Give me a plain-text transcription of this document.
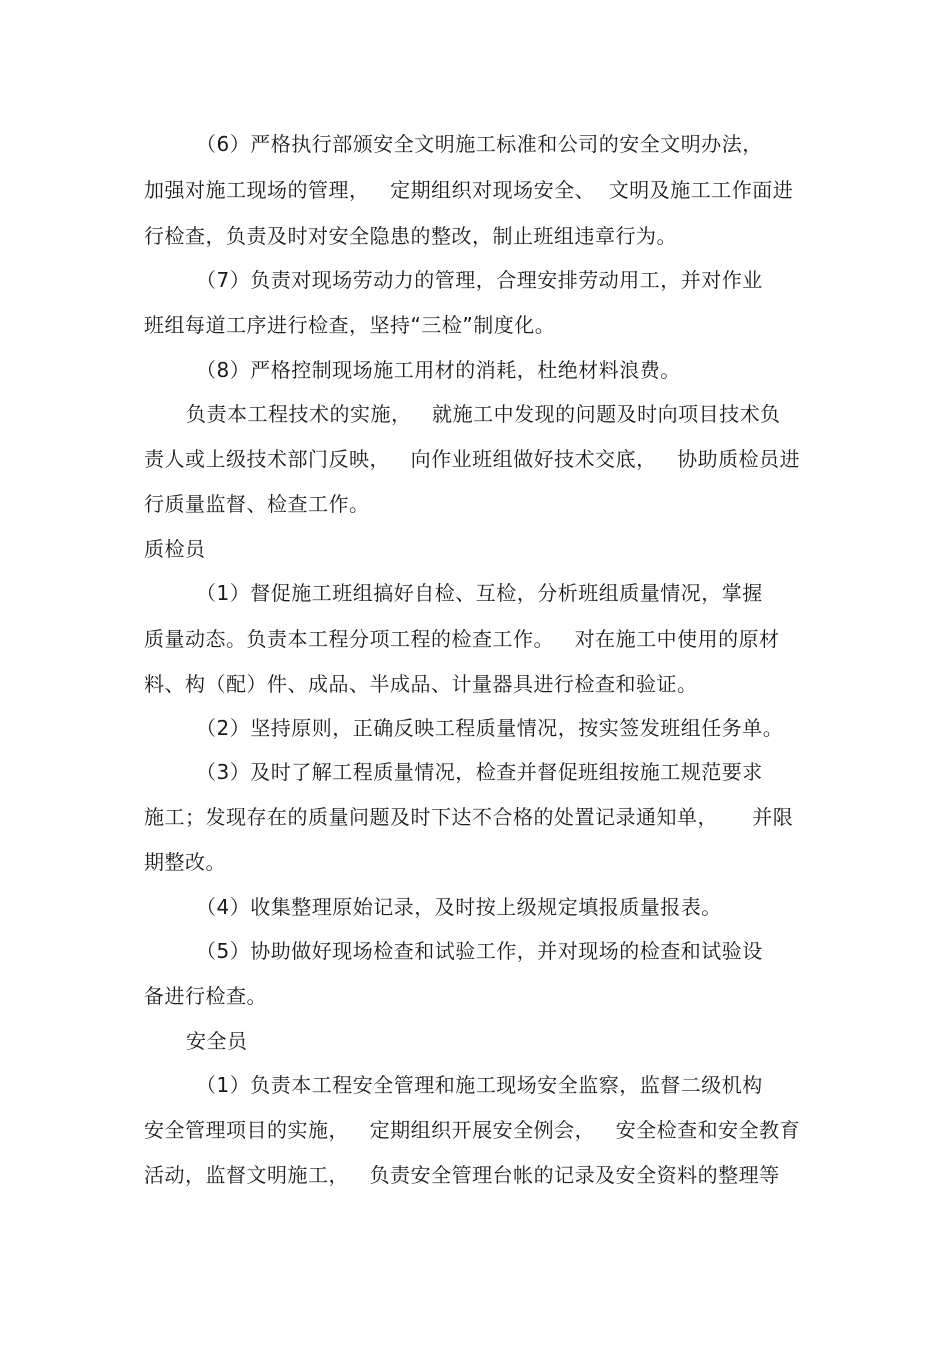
（6）严格执行部颁安全文明施工标准和公司的安全文明办法，
加强对施工现场的管理，   定期组织对现场安全、  文明及施工工作面进
行检查，负责及时对安全隐患的整改，制止班组违章行为。
（7）负责对现场劳动力的管理，合理安排劳动用工，并对作业
班组每道工序进行检查，坚持“三检”制度化。
（8）严格控制现场施工用材的消耗，杜绝材料浪费。
负责本工程技术的实施，   就施工中发现的问题及时向项目技术负
责人或上级技术部门反映，   向作业班组做好技术交底，   协助质检员进
行质量监督、检查工作。
质检员
（1）督促施工班组搞好自检、互检，分析班组质量情况，掌握
质量动态。负责本工程分项工程的检查工作。   对在施工中使用的原材
料、构（配）件、成品、半成品、计量器具进行检查和验证。
（2）坚持原则，正确反映工程质量情况，按实签发班组任务单。
（3）及时了解工程质量情况，检查并督促班组按施工规范要求
施工；发现存在的质量问题及时下达不合格的处置记录通知单，     并限
期整改。
（4）收集整理原始记录，及时按上级规定填报质量报表。
（5）协助做好现场检查和试验工作，并对现场的检查和试验设
备进行检查。
安全员
（1）负责本工程安全管理和施工现场安全监察，监督二级机构
安全管理项目的实施，   定期组织开展安全例会，   安全检查和安全教育
活动，监督文明施工，   负责安全管理台帐的记录及安全资料的整理等
